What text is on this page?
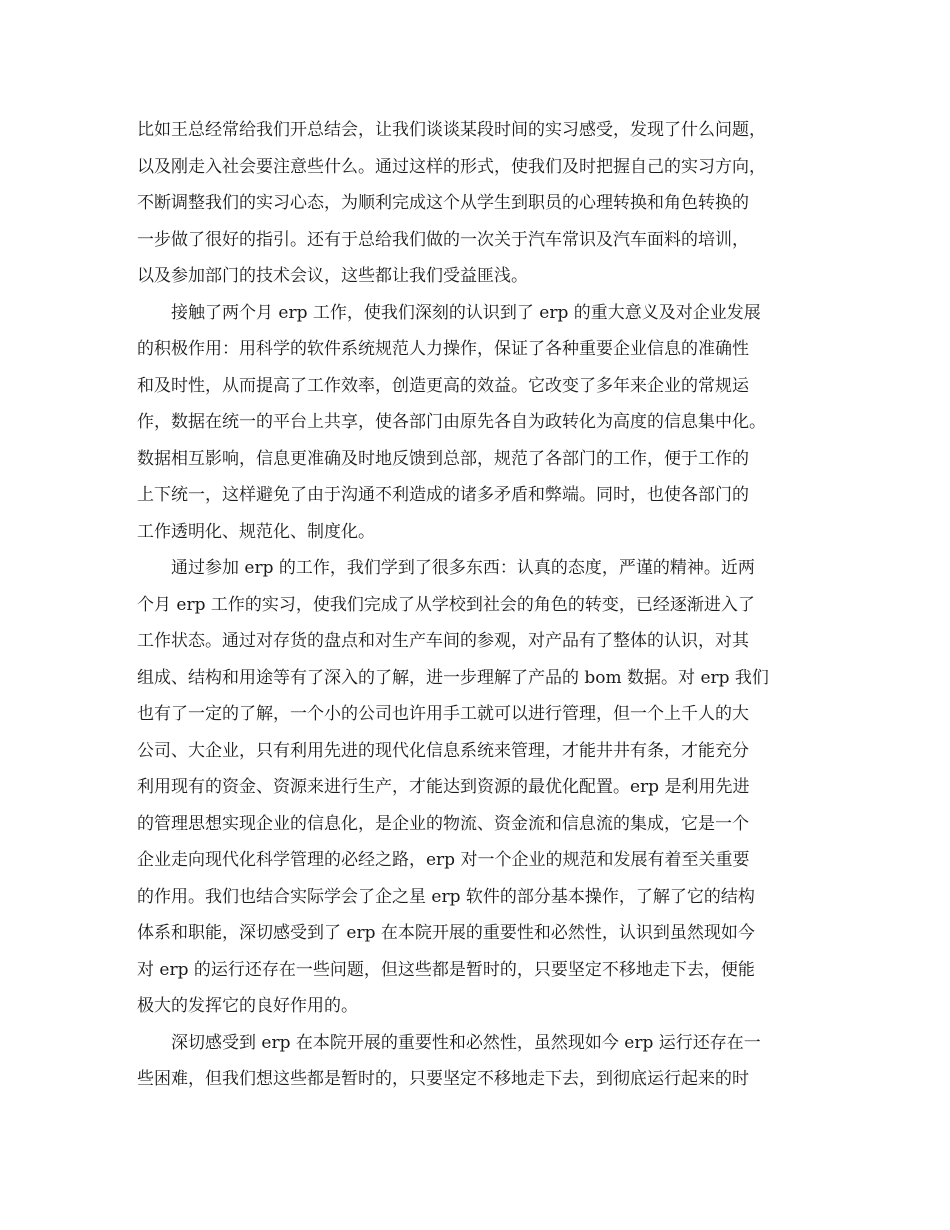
比如王总经常给我们开总结会，让我们谈谈某段时间的实习感受，发现了什么问题，
以及刚走入社会要注意些什么。通过这样的形式，使我们及时把握自己的实习方向，
不断调整我们的实习心态，为顺利完成这个从学生到职员的心理转换和角色转换的
一步做了很好的指引。还有于总给我们做的一次关于汽车常识及汽车面料的培训，
以及参加部门的技术会议，这些都让我们受益匪浅。
接触了两个月 erp 工作，使我们深刻的认识到了 erp 的重大意义及对企业发展
的积极作用：用科学的软件系统规范人力操作，保证了各种重要企业信息的准确性
和及时性，从而提高了工作效率，创造更高的效益。它改变了多年来企业的常规运
作，数据在统一的平台上共享，使各部门由原先各自为政转化为高度的信息集中化。
数据相互影响，信息更准确及时地反馈到总部，规范了各部门的工作，便于工作的
上下统一，这样避免了由于沟通不利造成的诸多矛盾和弊端。同时，也使各部门的
工作透明化、规范化、制度化。
通过参加 erp 的工作，我们学到了很多东西：认真的态度，严谨的精神。近两
个月 erp 工作的实习，使我们完成了从学校到社会的角色的转变，已经逐渐进入了
工作状态。通过对存货的盘点和对生产车间的参观，对产品有了整体的认识，对其
组成、结构和用途等有了深入的了解，进一步理解了产品的 bom 数据。对 erp 我们
也有了一定的了解，一个小的公司也许用手工就可以进行管理，但一个上千人的大
公司、大企业，只有利用先进的现代化信息系统来管理，才能井井有条，才能充分
利用现有的资金、资源来进行生产，才能达到资源的最优化配置。erp 是利用先进
的管理思想实现企业的信息化，是企业的物流、资金流和信息流的集成，它是一个
企业走向现代化科学管理的必经之路，erp 对一个企业的规范和发展有着至关重要
的作用。我们也结合实际学会了企之星 erp 软件的部分基本操作，了解了它的结构
体系和职能，深切感受到了 erp 在本院开展的重要性和必然性，认识到虽然现如今
对 erp 的运行还存在一些问题，但这些都是暂时的，只要坚定不移地走下去，便能
极大的发挥它的良好作用的。
深切感受到 erp 在本院开展的重要性和必然性，虽然现如今 erp 运行还存在一
些困难，但我们想这些都是暂时的，只要坚定不移地走下去，到彻底运行起来的时
